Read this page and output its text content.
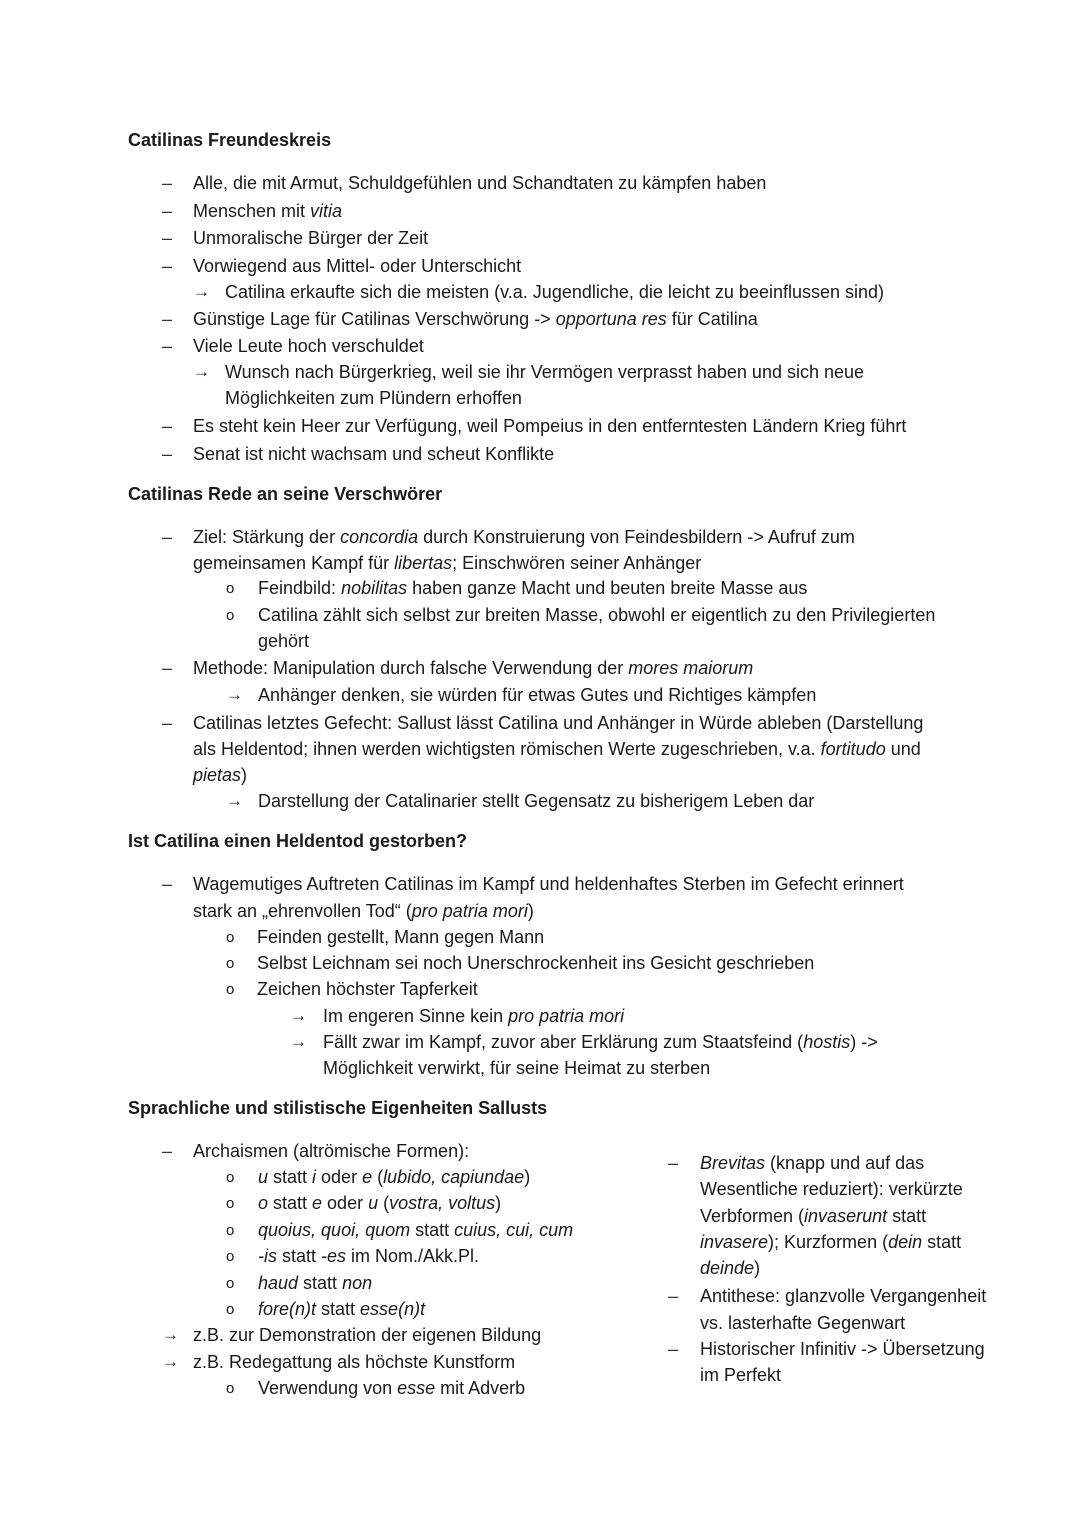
Catilinas Freundeskreis
– Alle, die mit Armut, Schuldgefühlen und Schandtaten zu kämpfen haben
– Menschen mit vitia
– Unmoralische Bürger der Zeit
– Vorwiegend aus Mittel- oder Unterschicht
→ Catilina erkaufte sich die meisten (v.a. Jugendliche, die leicht zu beeinflussen sind)
– Günstige Lage für Catilinas Verschwörung -> opportuna res für Catilina
– Viele Leute hoch verschuldet
→ Wunsch nach Bürgerkrieg, weil sie ihr Vermögen verprasst haben und sich neue
Möglichkeiten zum Plündern erhoffen
– Es steht kein Heer zur Verfügung, weil Pompeius in den entferntesten Ländern Krieg führt
– Senat ist nicht wachsam und scheut Konflikte
Catilinas Rede an seine Verschwörer
– Ziel: Stärkung der concordia durch Konstruierung von Feindesbildern -> Aufruf zum
gemeinsamen Kampf für libertas; Einschwören seiner Anhänger
o Feindbild: nobilitas haben ganze Macht und beuten breite Masse aus
o Catilina zählt sich selbst zur breiten Masse, obwohl er eigentlich zu den Privilegierten
gehört
– Methode: Manipulation durch falsche Verwendung der mores maiorum
→ Anhänger denken, sie würden für etwas Gutes und Richtiges kämpfen
– Catilinas letztes Gefecht: Sallust lässt Catilina und Anhänger in Würde ableben (Darstellung
als Heldentod; ihnen werden wichtigsten römischen Werte zugeschrieben, v.a. fortitudo und
pietas)
→ Darstellung der Catalinarier stellt Gegensatz zu bisherigem Leben dar
Ist Catilina einen Heldentod gestorben?
– Wagemutiges Auftreten Catilinas im Kampf und heldenhaftes Sterben im Gefecht erinnert
stark an „ehrenvollen Tod“ (pro patria mori)
o Feinden gestellt, Mann gegen Mann
o Selbst Leichnam sei noch Unerschrockenheit ins Gesicht geschrieben
o Zeichen höchster Tapferkeit
→ Im engeren Sinne kein pro patria mori
→ Fällt zwar im Kampf, zuvor aber Erklärung zum Staatsfeind (hostis) ->
Möglichkeit verwirkt, für seine Heimat zu sterben
Sprachliche und stilistische Eigenheiten Sallusts
– Archaismen (altrömische Formen):
o u statt i oder e (lubido, capiundae)
o o statt e oder u (vostra, voltus)
o quoius, quoi, quom statt cuius, cui, cum
o -is statt -es im Nom./Akk.Pl.
o haud statt non
o fore(n)t statt esse(n)t
→ z.B. zur Demonstration der eigenen Bildung
→ z.B. Redegattung als höchste Kunstform
o Verwendung von esse mit Adverb
– Brevitas (knapp und auf das
Wesentliche reduziert): verkürzte
Verbformen (invaserunt statt
invasere); Kurzformen (dein statt
deinde)
– Antithese: glanzvolle Vergangenheit
vs. lasterhafte Gegenwart
– Historischer Infinitiv -> Übersetzung
im Perfekt
